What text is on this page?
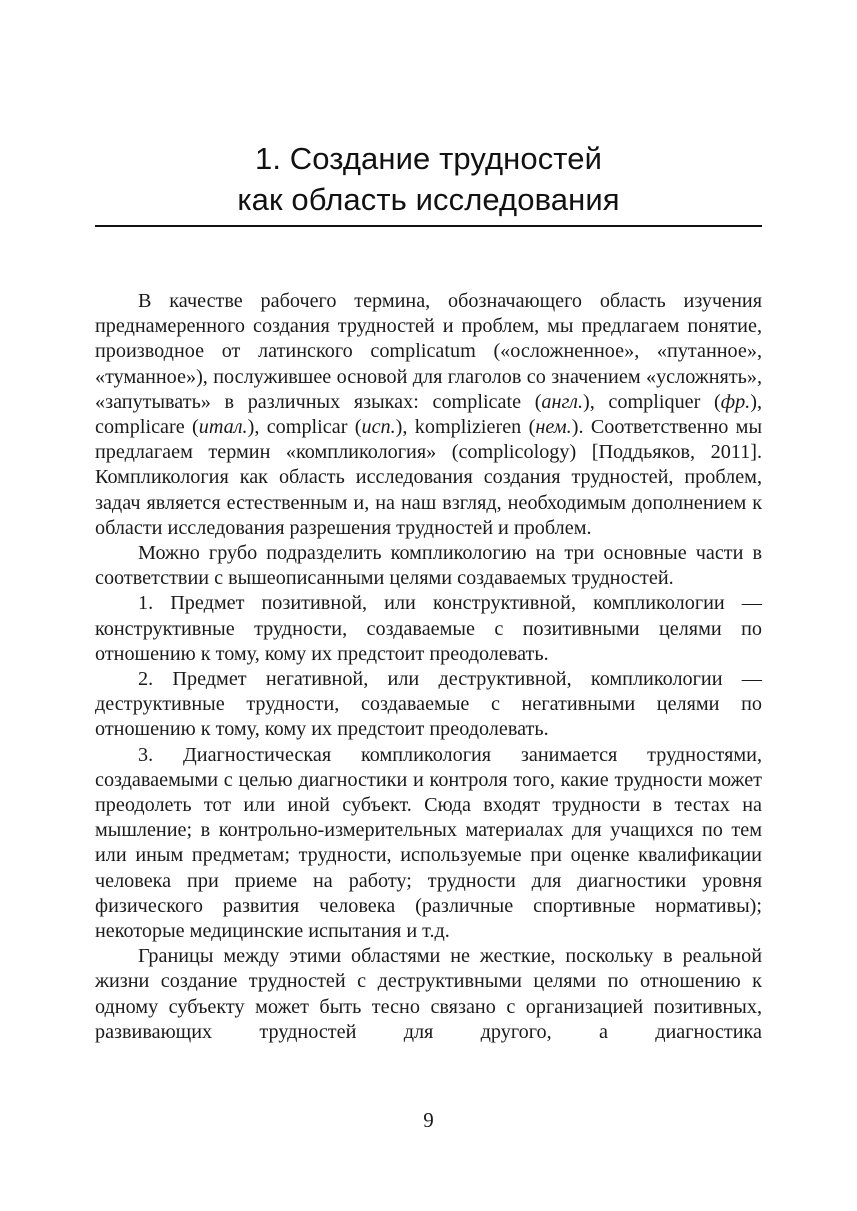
1. Создание трудностей
как область исследования

В качестве рабочего термина, обозначающего область изучения преднамеренного создания трудностей и проблем, мы предлагаем понятие, производное от латинского complicatum («осложненное», «путанное», «туманное»), послужившее основой для глаголов со значением «усложнять», «запутывать» в различных языках: complicate (англ.), compliquer (фр.), complicare (итал.), complicar (исп.), komplizieren (нем.). Соответственно мы предлагаем термин «компликология» (complicology) [Поддьяков, 2011]. Компликология как область исследования создания трудностей, проблем, задач является естественным и, на наш взгляд, необходимым дополнением к области исследования разрешения трудностей и проблем.

Можно грубо подразделить компликологию на три основные части в соответствии с вышеописанными целями создаваемых трудностей.

1. Предмет позитивной, или конструктивной, компликологии — конструктивные трудности, создаваемые с позитивными целями по отношению к тому, кому их предстоит преодолевать.

2. Предмет негативной, или деструктивной, компликологии — деструктивные трудности, создаваемые с негативными целями по отношению к тому, кому их предстоит преодолевать.

3. Диагностическая компликология занимается трудностями, создаваемыми с целью диагностики и контроля того, какие трудности может преодолеть тот или иной субъект. Сюда входят трудности в тестах на мышление; в контрольно-измерительных материалах для учащихся по тем или иным предметам; трудности, используемые при оценке квалификации человека при приеме на работу; трудности для диагностики уровня физического развития человека (различные спортивные нормативы); некоторые медицинские испытания и т.д.

Границы между этими областями не жесткие, поскольку в реальной жизни создание трудностей с деструктивными целями по отношению к одному субъекту может быть тесно связано с организацией позитивных, развивающих трудностей для другого, а диагностика

9
